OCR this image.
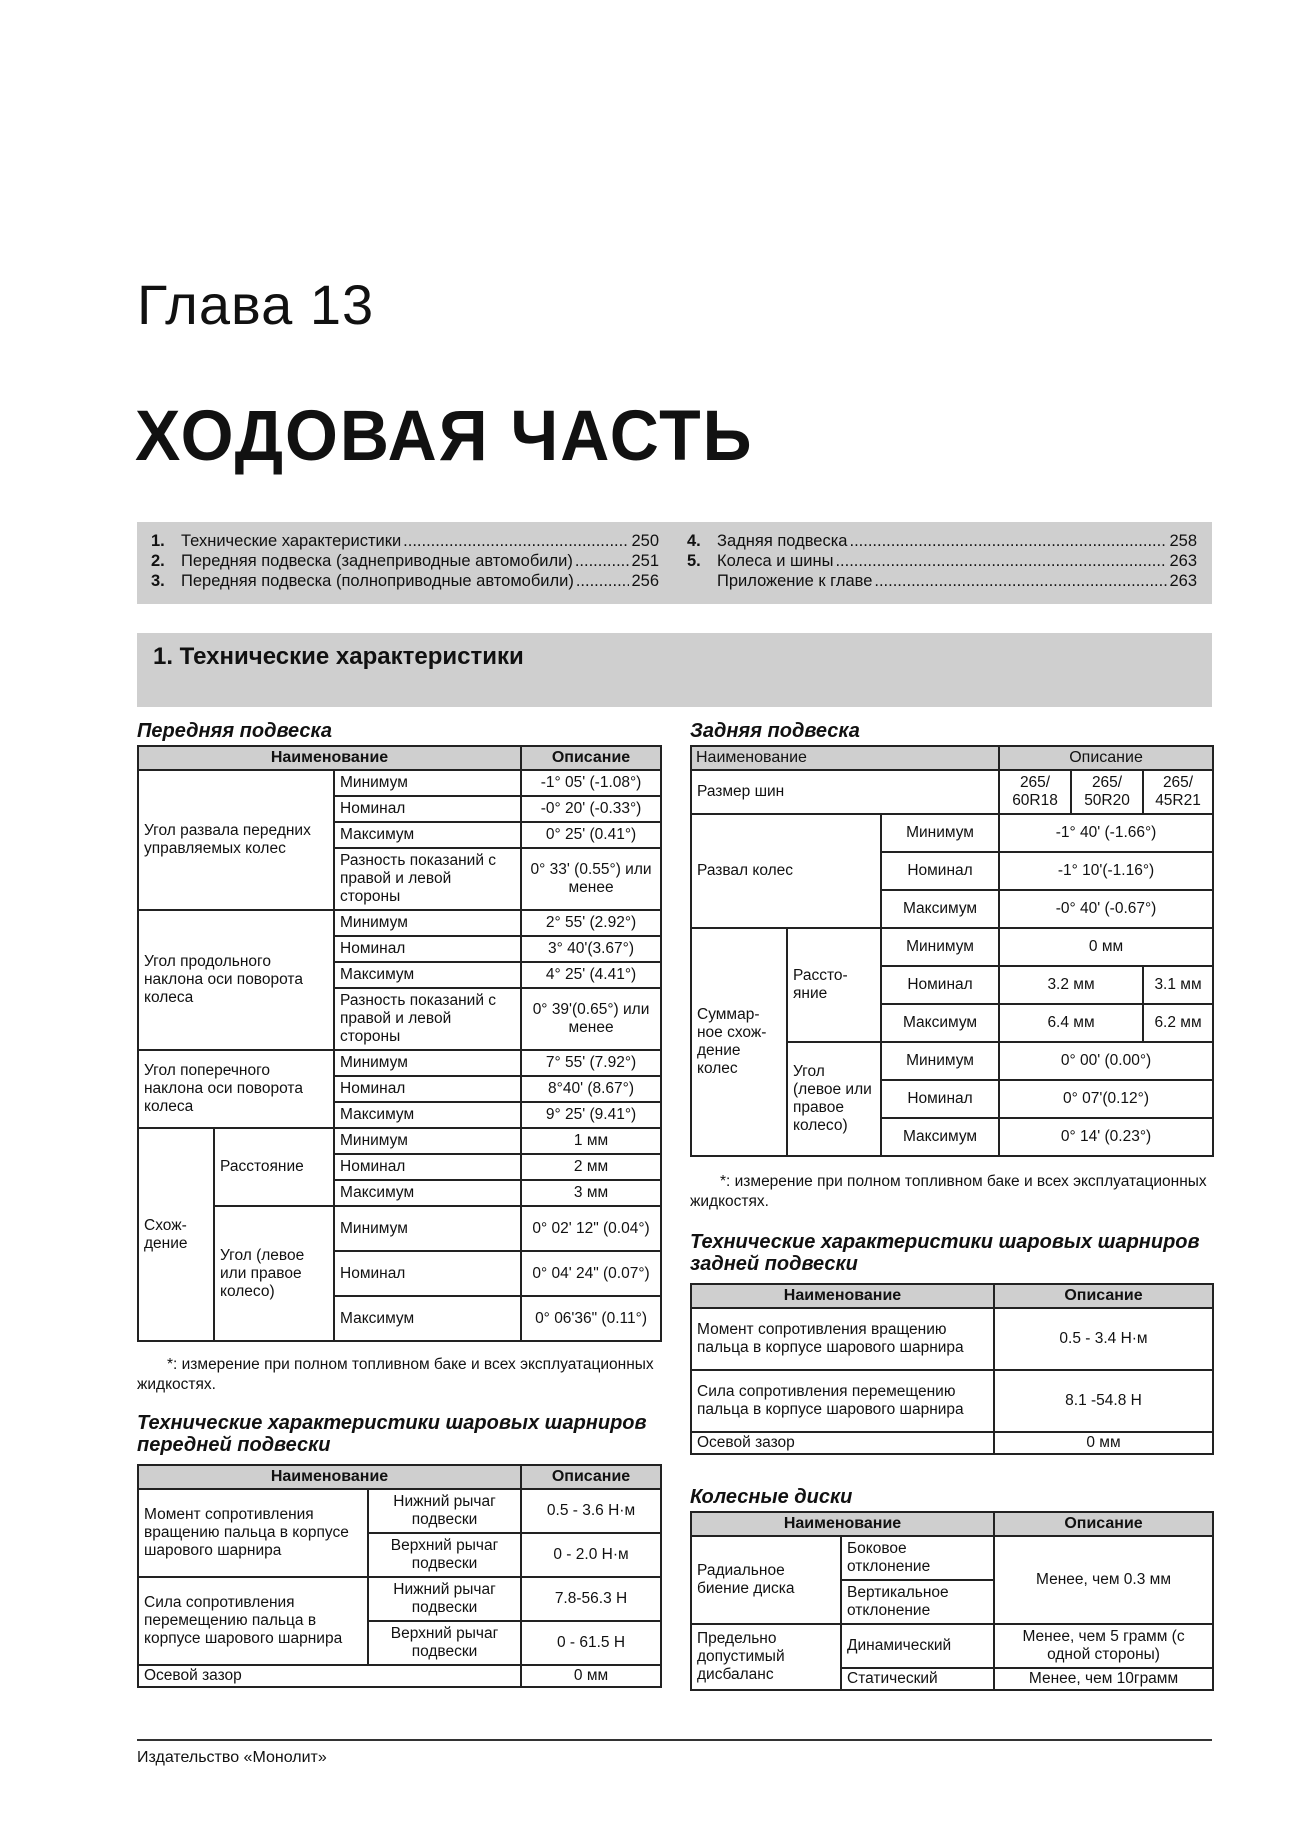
Глава 13
ХОДОВАЯ ЧАСТЬ
1. Технические характеристики .....	250
2. Передняя подвеска (заднеприводные автомобили) .....	251
3. Передняя подвеска (полноприводные автомобили) .....	256
4. Задняя подвеска .....	258
5. Колеса и шины .....	263
Приложение к главе .....	263
1. Технические характеристики
Передняя подвеска
Наименование			Описание
Угол развала передних управляемых колес		Минимум	-1° 05' (-1.08°)
		Номинал	-0° 20' (-0.33°)
		Максимум	0° 25' (0.41°)
		Разность показаний с правой и левой стороны	0° 33' (0.55°) или менее
Угол продольного наклона оси поворота колеса		Минимум	2° 55' (2.92°)
		Номинал	3° 40'(3.67°)
		Максимум	4° 25' (4.41°)
		Разность показаний с правой и левой стороны	0° 39'(0.65°) или менее
Угол поперечного наклона оси поворота колеса		Минимум	7° 55' (7.92°)
		Номинал	8°40' (8.67°)
		Максимум	9° 25' (9.41°)
Схож-дение	Расстояние	Минимум	1 мм
		Номинал	2 мм
		Максимум	3 мм
	Угол (левое или правое колесо)	Минимум	0° 02' 12" (0.04°)
		Номинал	0° 04' 24" (0.07°)
		Максимум	0° 06'36" (0.11°)
*: измерение при полном топливном баке и всех эксплуатационных жидкостях.
Технические характеристики шаровых шарниров передней подвески
Наименование		Описание
Момент сопротивления вращению пальца в корпусе шарового шарнира	Нижний рычаг подвески	0.5 - 3.6 Н·м
	Верхний рычаг подвески	0 - 2.0 Н·м
Сила сопротивления перемещению пальца в корпусе шарового шарнира	Нижний рычаг подвески	7.8-56.3 Н
	Верхний рычаг подвески	0 - 61.5 Н
Осевой зазор		0 мм
Задняя подвеска
Наименование			Описание		
Размер шин			265/ 60R18	265/ 50R20	265/ 45R21
Развал колес		Минимум	-1° 40' (-1.66°)		
		Номинал	-1° 10'(-1.16°)		
		Максимум	-0° 40' (-0.67°)		
Суммар-ное схож-дение колес	Рассто-яние	Минимум	0 мм		
		Номинал	3.2 мм		3.1 мм
		Максимум	6.4 мм		6.2 мм
	Угол (левое или правое колесо)	Минимум	0° 00' (0.00°)		
		Номинал	0° 07'(0.12°)		
		Максимум	0° 14' (0.23°)		
*: измерение при полном топливном баке и всех эксплуатационных жидкостях.
Технические характеристики шаровых шарниров задней подвески
Наименование	Описание
Момент сопротивления вращению пальца в корпусе шарового шарнира	0.5 - 3.4 Н·м
Сила сопротивления перемещению пальца в корпусе шарового шарнира	8.1 -54.8 Н
Осевой зазор	0 мм
Колесные диски
Наименование		Описание
Радиальное биение диска	Боковое отклонение	Менее, чем 0.3 мм
	Вертикальное отклонение	
Предельно допустимый дисбаланс	Динамический	Менее, чем 5 грамм (с одной стороны)
	Статический	Менее, чем 10грамм
Издательство «Монолит»
